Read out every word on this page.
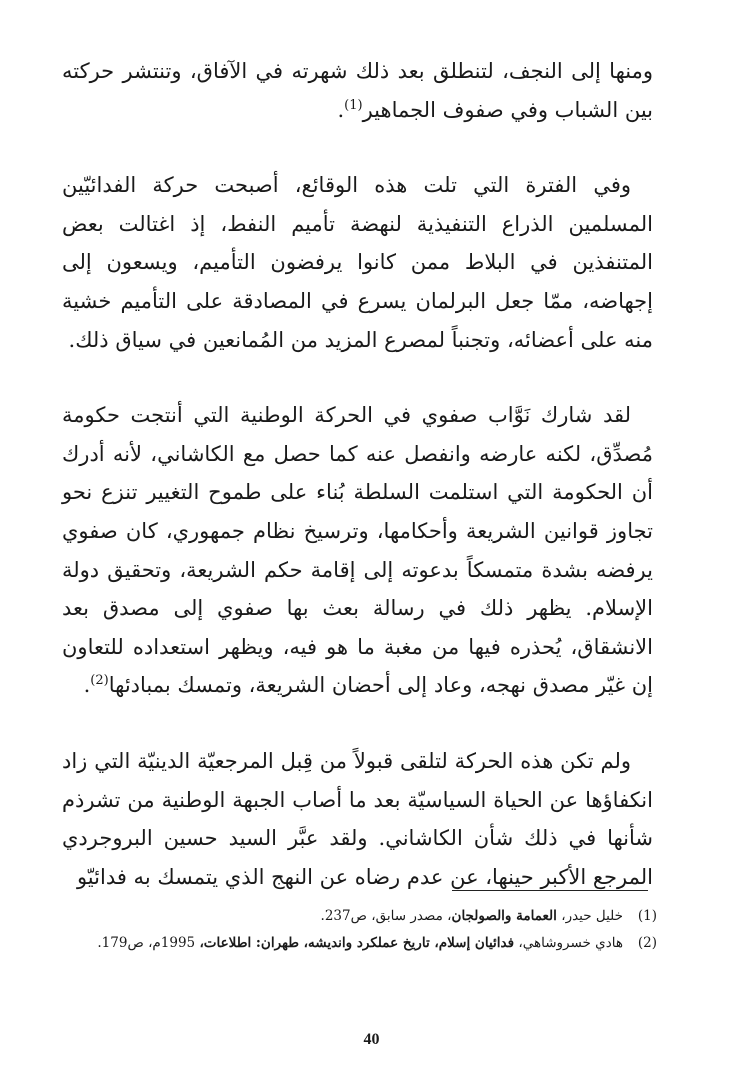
ومنها إلى النجف، لتنطلق بعد ذلك شهرته في الآفاق، وتنتشر حركته بين الشباب وفي صفوف الجماهير$^{(1)}$.

وفي الفترة التي تلت هذه الوقائع، أصبحت حركة الفدائيّين المسلمين الذراع التنفيذية لنهضة تأميم النفط، إذ اغتالت بعض المتنفذين في البلاط ممن كانوا يرفضون التأميم، ويسعون إلى إجهاضه، ممّا جعل البرلمان يسرع في المصادقة على التأميم خشية منه على أعضائه، وتجنباً لمصرع المزيد من المُمانعين في سياق ذلك.

لقد شارك نَوَّاب صفوي في الحركة الوطنية التي أنتجت حكومة مُصدِّق، لكنه عارضه وانفصل عنه كما حصل مع الكاشاني، لأنه أدرك أن الحكومة التي استلمت السلطة بُناء على طموح التغيير تنزع نحو تجاوز قوانين الشريعة وأحكامها، وترسيخ نظام جمهوري، كان صفوي يرفضه بشدة متمسكاً بدعوته إلى إقامة حكم الشريعة، وتحقيق دولة الإسلام. يظهر ذلك في رسالة بعث بها صفوي إلى مصدق بعد الانشقاق، يُحذره فيها من مغبة ما هو فيه، ويظهر استعداده للتعاون إن غيّر مصدق نهجه، وعاد إلى أحضان الشريعة، وتمسك بمبادئها$^{(2)}$.

ولم تكن هذه الحركة لتلقى قبولاً من قِبل المرجعيّة الدينيّة التي زاد انكفاؤها عن الحياة السياسيّة بعد ما أصاب الجبهة الوطنية من تشرذم شأنها في ذلك شأن الكاشاني. ولقد عبَّر السيد حسين البروجردي المرجع الأكبر حينها، عن عدم رضاه عن النهج الذي يتمسك به فدائيّو

(1)
خليل حيدر، العمامة والصولجان، مصدر سابق، ص237.
(2)
هادي خسروشاهي، فدائيان إسلام، تاريخ عملكرد وانديشه، طهران: اطلاعات، 1995م، ص179.
40
